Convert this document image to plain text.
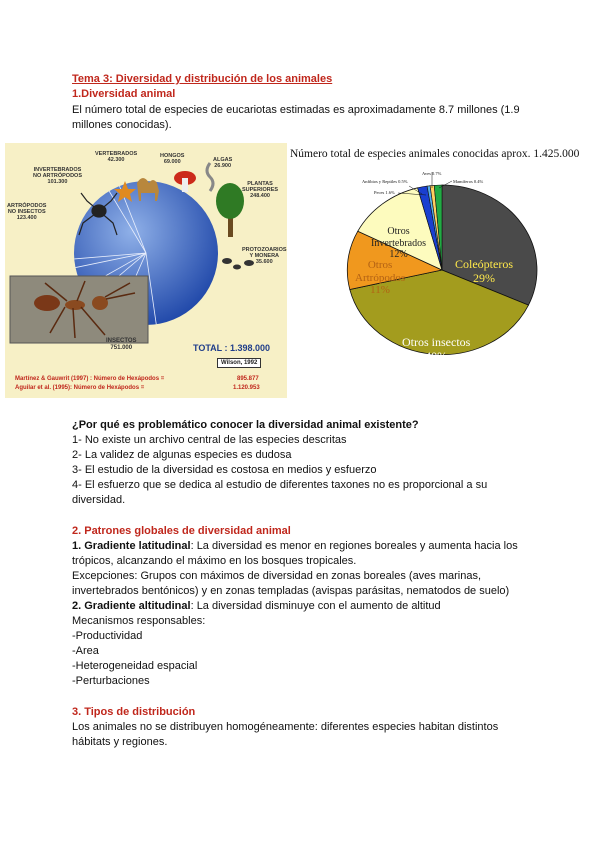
Tema 3: Diversidad y distribución de los animales
1.Diversidad animal
El número total de especies de eucariotas estimadas es aproximadamente 8.7 millones (1.9
millones conocidas).
VERTEBRADOS
42.300
HONGOS
69.000	ALGAS
26.900
PLANTAS
SUPERIORES
248.400
INVERTEBRADOS
NO ARTRÓPODOS
101.300
ARTRÓPODOS
NO INSECTOS
123.400
PROTOZOARIOS
Y MONERA
35.600
INSECTOS
751.000	TOTAL : 1.398.000
Wilson, 1992
Martínez & Gauwrit (1997) : Número de Hexápodos =	895.877
Aguilar et al. (1995): Número de Hexápodos =	1.120.953
Número total de especies animales conocidas aprox. 1.425.000
Anfibios y Reptiles 0.5%
Aves 0.7%
Peces 1.6%
Mamíferos 0.4%
Coleópteros
29%
Otros insectos
40%
Otros
Artrópodos
11%
Otros
Invertebrados
12%
¿Por qué es problemático conocer la diversidad animal existente?
1- No existe un archivo central de las especies descritas
2- La validez de algunas especies es dudosa
3- El estudio de la diversidad es costosa en medios y esfuerzo
4- El esfuerzo que se dedica al estudio de diferentes taxones no es proporcional a su
diversidad.
2. Patrones globales de diversidad animal
1. Gradiente latitudinal: La diversidad es menor en regiones boreales y aumenta hacia los
trópicos, alcanzando el máximo en los bosques tropicales.
Excepciones: Grupos con máximos de diversidad en zonas boreales (aves marinas,
invertebrados bentónicos) y en zonas templadas (avispas parásitas, nematodos de suelo)
2. Gradiente altitudinal: La diversidad disminuye con el aumento de altitud
Mecanismos responsables:
-Productividad
-Area
-Heterogeneidad espacial
-Perturbaciones
3. Tipos de distribución
Los animales no se distribuyen homogéneamente: diferentes especies habitan distintos
hábitats y regiones.
